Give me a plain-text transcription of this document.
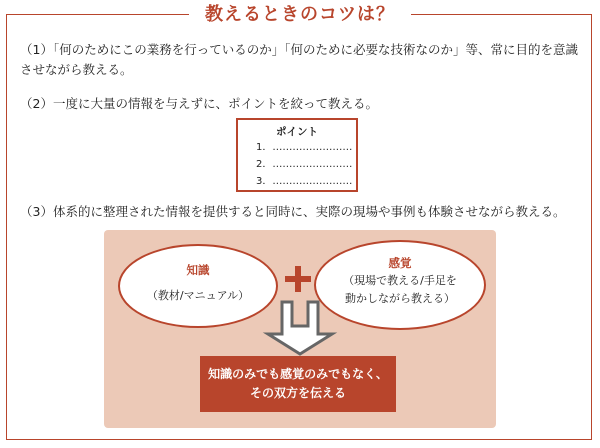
教えるときのコツは？
（1）「何のためにこの業務を行っているのか」「何のために必要な技術なのか」等、常に目的を意識させながら教える。
（2）一度に大量の情報を与えずに、ポイントを絞って教える。
ポイント
1．……………………
2．……………………
3．……………………
（3）体系的に整理された情報を提供すると同時に、実際の現場や事例も体験させながら教える。
知識
（教材/マニュアル）
感覚
（現場で教える/手足を
動かしながら教える）
知識のみでも感覚のみでもなく、
その双方を伝える
